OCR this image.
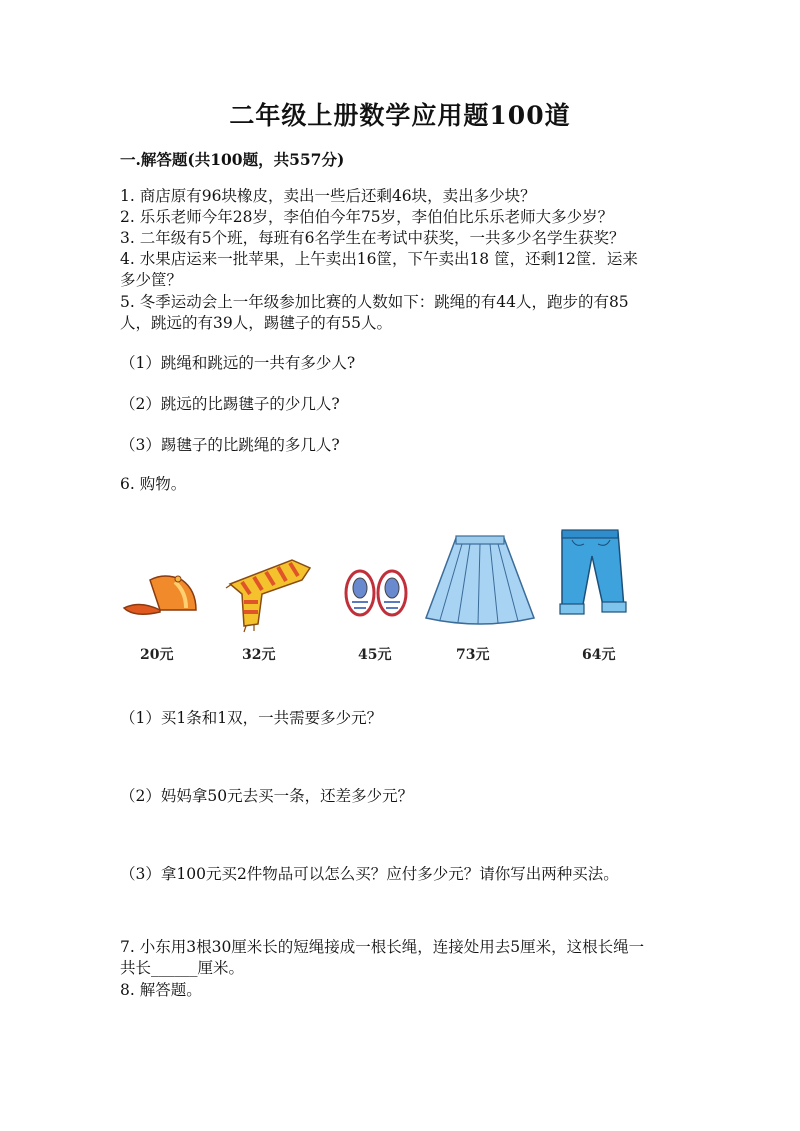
二年级上册数学应用题100道
一.解答题(共100题，共557分)
1. 商店原有96块橡皮，卖出一些后还剩46块，卖出多少块？
2. 乐乐老师今年28岁，李伯伯今年75岁，李伯伯比乐乐老师大多少岁？
3. 二年级有5个班，每班有6名学生在考试中获奖，一共多少名学生获奖？
4. 水果店运来一批苹果，上午卖出16筐，下午卖出18 筐，还剩12筐．运来
多少筐？
5. 冬季运动会上一年级参加比赛的人数如下：跳绳的有44人，跑步的有85
人，跳远的有39人，踢毽子的有55人。
（1）跳绳和跳远的一共有多少人?
（2）跳远的比踢毽子的少几人?
（3）踢毽子的比跳绳的多几人?
6. 购物。
20元	32元	45元	73元	64元
（1）买1条和1双，一共需要多少元？
（2）妈妈拿50元去买一条，还差多少元？
（3）拿100元买2件物品可以怎么买？应付多少元？请你写出两种买法。
7. 小东用3根30厘米长的短绳接成一根长绳，连接处用去5厘米，这根长绳一
共长______厘米。
8. 解答题。
